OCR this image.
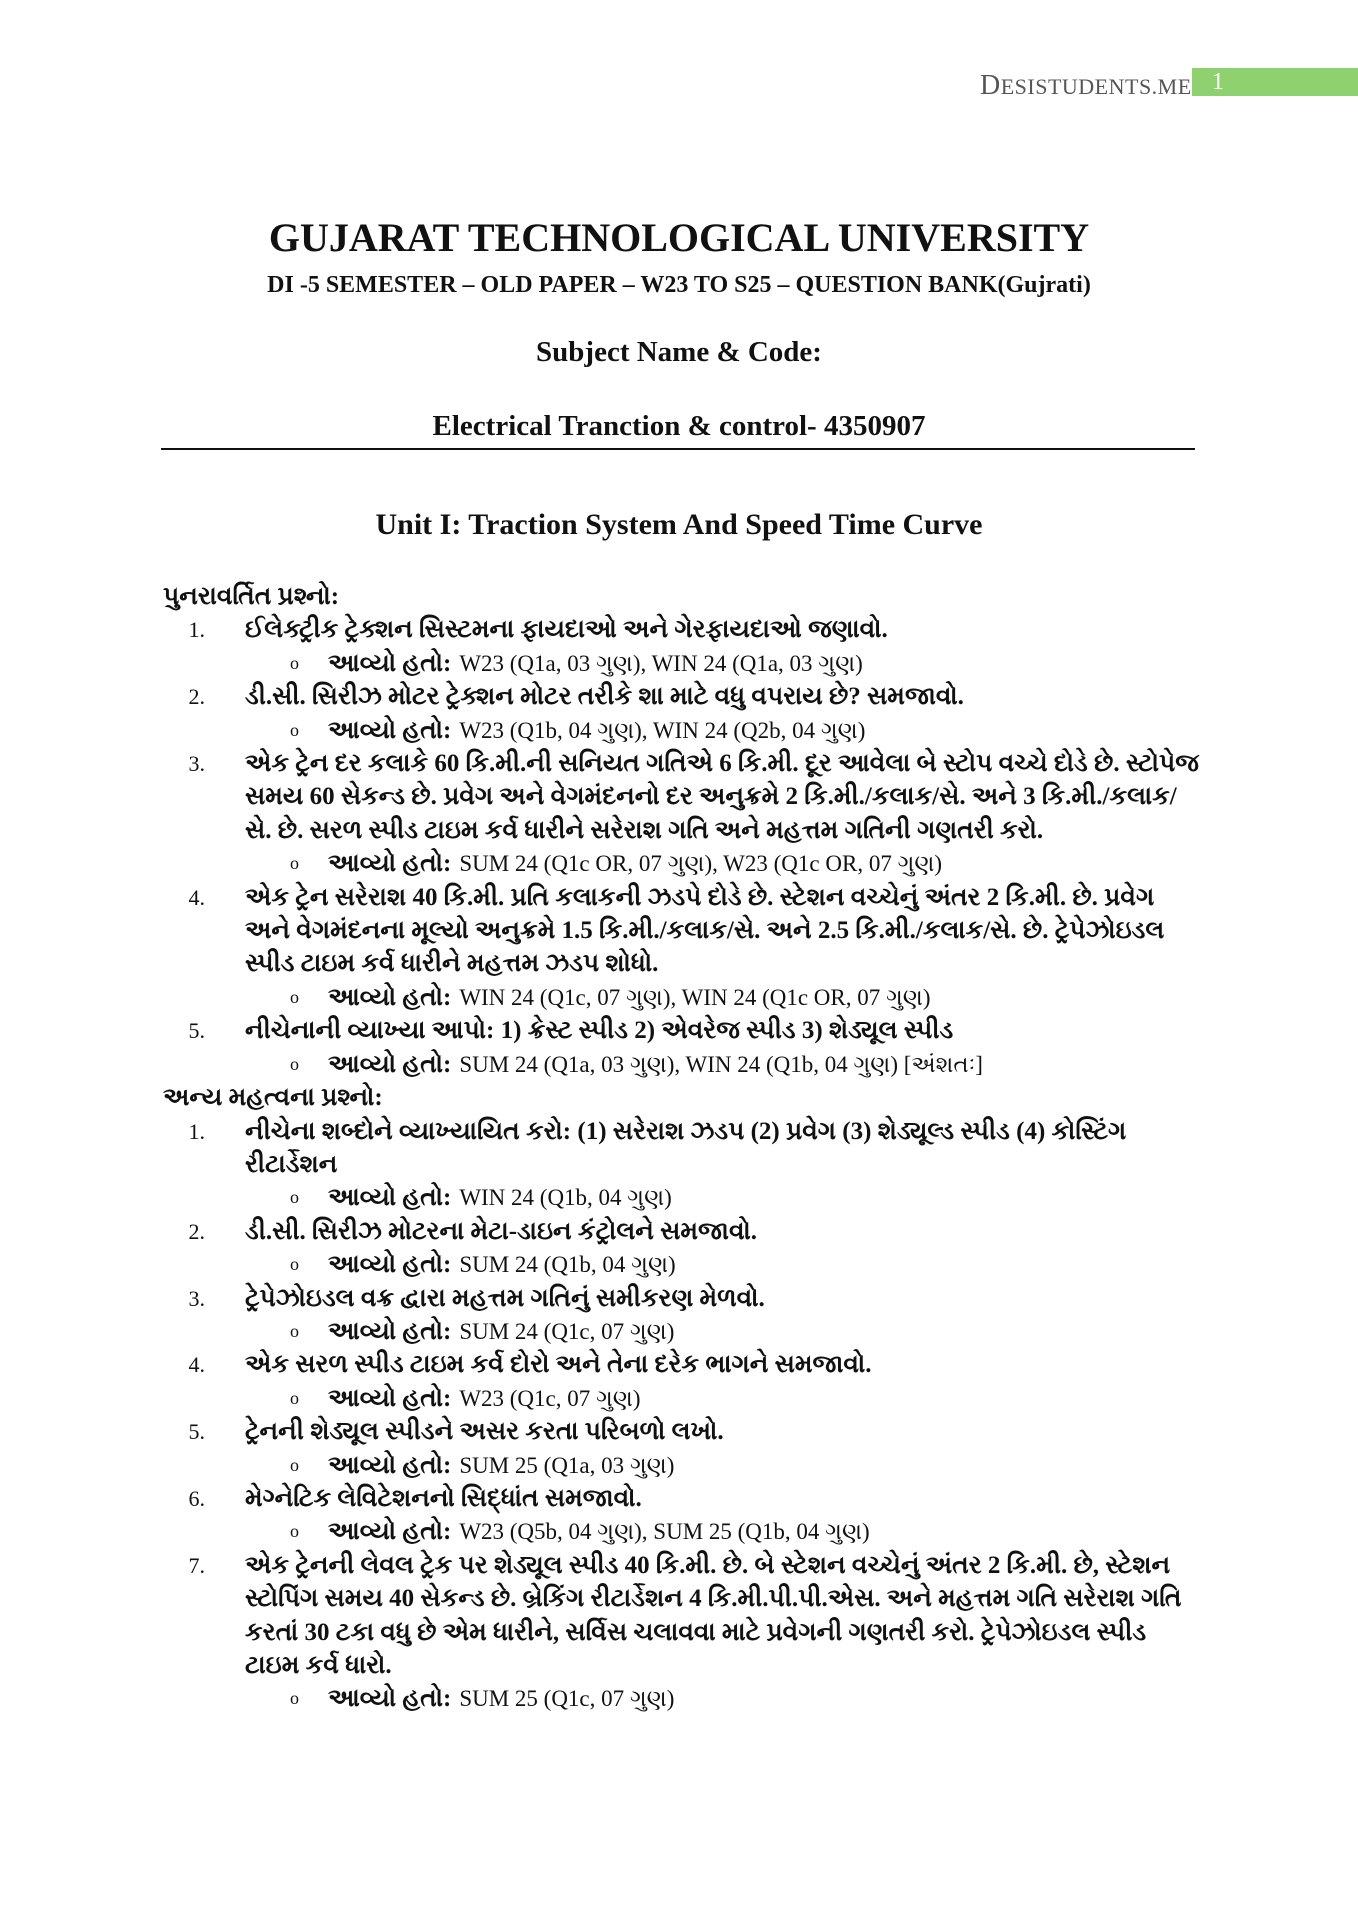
DESISTUDENTS.ME 1
GUJARAT TECHNOLOGICAL UNIVERSITY
DI -5 SEMESTER – OLD PAPER – W23 TO S25 – QUESTION BANK(Gujrati)
Subject Name & Code:
Electrical Tranction & control- 4350907
Unit I: Traction System And Speed Time Curve
પુનરાવર્તિત પ્રશ્નો:
1.	ઈલેક્ટ્રીક ટ્રેક્શન સિસ્ટમના ફાયદાઓ અને ગેરફાયદાઓ જણાવો.
o	આવ્યો હતો: W23 (Q1a, 03 ગુણ), WIN 24 (Q1a, 03 ગુણ)
2.	ડી.સી. સિરીઝ મોટર ટ્રેક્શન મોટર તરીકે શા માટે વધુ વપરાય છે? સમજાવો.
o	આવ્યો હતો: W23 (Q1b, 04 ગુણ), WIN 24 (Q2b, 04 ગુણ)
3.	એક ટ્રેન દર કલાકે 60 કિ.મી.ની સનિયત ગતિએ 6 કિ.મી. દૂર આવેલા બે સ્ટોપ વચ્ચે દોડે છે. સ્ટોપેજ સમય 60 સેકન્ડ છે. પ્રવેગ અને વેગમંદનનો દર અનુક્રમે 2 કિ.મી./કલાક/સે. અને 3 કિ.મી./કલાક/સે. છે. સરળ સ્પીડ ટાઇમ કર્વ ધારીને સરેરાશ ગતિ અને મહત્તમ ગતિની ગણતરી કરો.
o	આવ્યો હતો: SUM 24 (Q1c OR, 07 ગુણ), W23 (Q1c OR, 07 ગુણ)
4.	એક ટ્રેન સરેરાશ 40 કિ.મી. પ્રતિ કલાકની ઝડપે દોડે છે. સ્ટેશન વચ્ચેનું અંતર 2 કિ.મી. છે. પ્રવેગ અને વેગમંદનના મૂલ્યો અનુક્રમે 1.5 કિ.મી./કલાક/સે. અને 2.5 કિ.મી./કલાક/સે. છે. ટ્રેપેઝોઇડલ સ્પીડ ટાઇમ કર્વ ધારીને મહત્તમ ઝડપ શોધો.
o	આવ્યો હતો: WIN 24 (Q1c, 07 ગુણ), WIN 24 (Q1c OR, 07 ગુણ)
5.	નીચેનાની વ્યાખ્યા આપો: 1) ક્રેસ્ટ સ્પીડ 2) એવરેજ સ્પીડ 3) શેડ્યૂલ સ્પીડ
o	આવ્યો હતો: SUM 24 (Q1a, 03 ગુણ), WIN 24 (Q1b, 04 ગુણ) [અંશતઃ]
અન્ય મહત્વના પ્રશ્નો:
1.	નીચેના શબ્દોને વ્યાખ્યાયિત કરો: (1) સરેરાશ ઝડપ (2) પ્રવેગ (3) શેડ્યૂલ્ડ સ્પીડ (4) કોસ્ટિંગ રીટાર્ડેશન
o	આવ્યો હતો: WIN 24 (Q1b, 04 ગુણ)
2.	ડી.સી. સિરીઝ મોટરના મેટા-ડાઇન કંટ્રોલને સમજાવો.
o	આવ્યો હતો: SUM 24 (Q1b, 04 ગુણ)
3.	ટ્રેપેઝોઇડલ વક્ર દ્વારા મહત્તમ ગતિનું સમીકરણ મેળવો.
o	આવ્યો હતો: SUM 24 (Q1c, 07 ગુણ)
4.	એક સરળ સ્પીડ ટાઇમ કર્વ દોરો અને તેના દરેક ભાગને સમજાવો.
o	આવ્યો હતો: W23 (Q1c, 07 ગુણ)
5.	ટ્રેનની શેડ્યૂલ સ્પીડને અસર કરતા પરિબળો લખો.
o	આવ્યો હતો: SUM 25 (Q1a, 03 ગુણ)
6.	મેગ્નેટિક લેવિટેશનનો સિદ્ધાંત સમજાવો.
o	આવ્યો હતો: W23 (Q5b, 04 ગુણ), SUM 25 (Q1b, 04 ગુણ)
7.	એક ટ્રેનની લેવલ ટ્રેક પર શેડ્યૂલ સ્પીડ 40 કિ.મી. છે. બે સ્ટેશન વચ્ચેનું અંતર 2 કિ.મી. છે, સ્ટેશન સ્ટોપિંગ સમય 40 સેકન્ડ છે. બ્રેકિંગ રીટાર્ડેશન 4 કિ.મી.પી.પી.એસ. અને મહત્તમ ગતિ સરેરાશ ગતિ કરતાં 30 ટકા વધુ છે એમ ધારીને, સર્વિસ ચલાવવા માટે પ્રવેગની ગણતરી કરો. ટ્રેપેઝોઇડલ સ્પીડ ટાઇમ કર્વ ધારો.
o	આવ્યો હતો: SUM 25 (Q1c, 07 ગુણ)
